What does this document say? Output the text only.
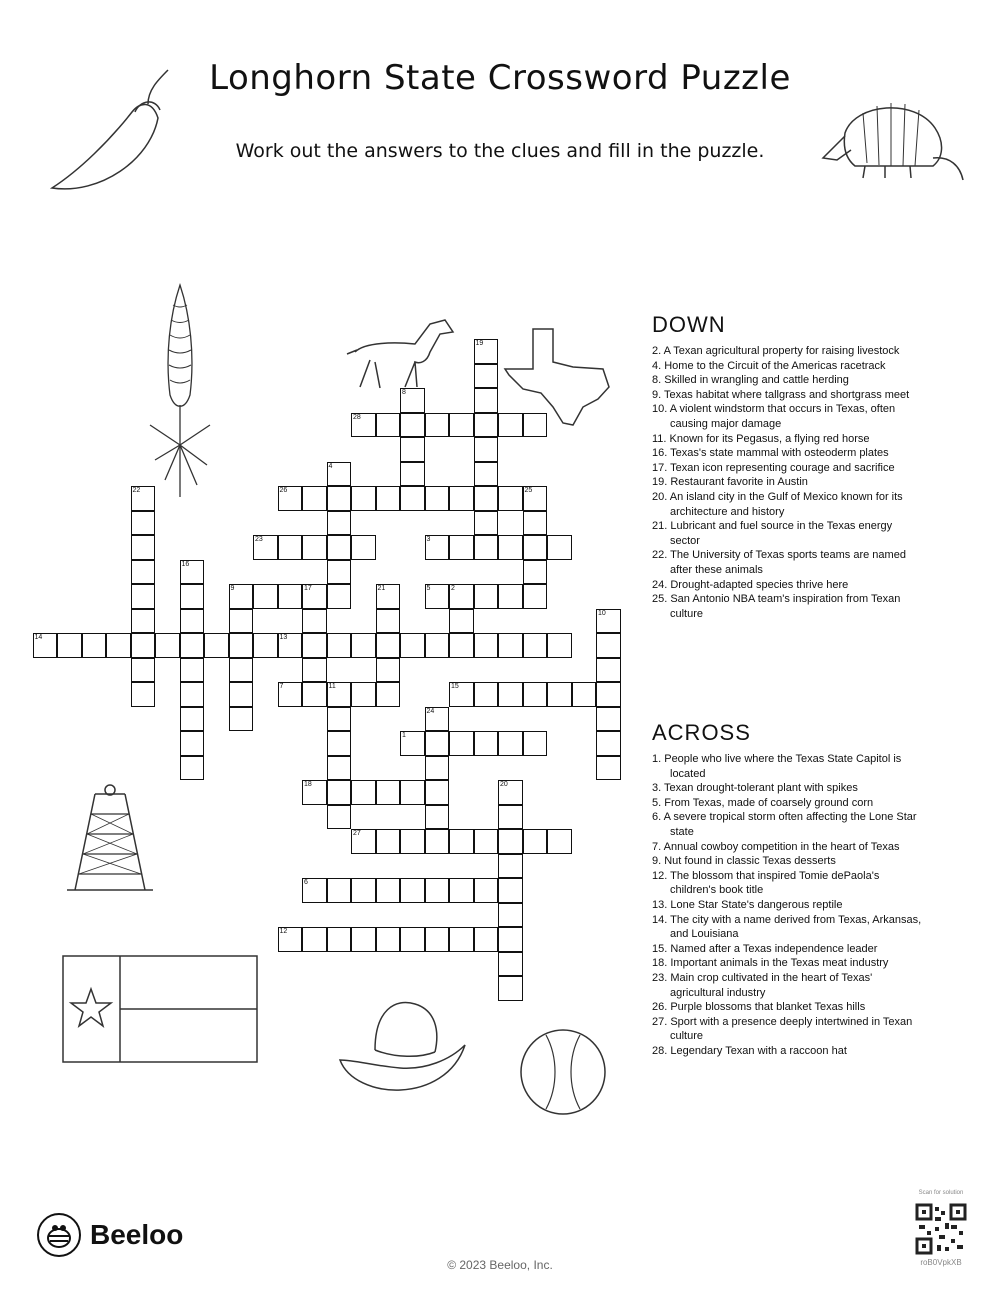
Longhorn State Crossword Puzzle
Work out the answers to the clues and fill in the puzzle.
14	13
26	25
28
23	3
9	17	5	2
7	11	15
1
18
27
6
12
19
8
4
22
16
21
10
24
20
DOWN
2. A Texan agricultural property for raising livestock
4. Home to the Circuit of the Americas racetrack
8. Skilled in wrangling and cattle herding
9. Texas habitat where tallgrass and shortgrass meet
10. A violent windstorm that occurs in Texas, often causing major damage
11. Known for its Pegasus, a flying red horse
16. Texas's state mammal with osteoderm plates
17. Texan icon representing courage and sacrifice
19. Restaurant favorite in Austin
20. An island city in the Gulf of Mexico known for its architecture and history
21. Lubricant and fuel source in the Texas energy sector
22. The University of Texas sports teams are named after these animals
24. Drought-adapted species thrive here
25. San Antonio NBA team's inspiration from Texan culture
ACROSS
1. People who live where the Texas State Capitol is located
3. Texan drought-tolerant plant with spikes
5. From Texas, made of coarsely ground corn
6. A severe tropical storm often affecting the Lone Star state
7. Annual cowboy competition in the heart of Texas
9. Nut found in classic Texas desserts
12. The blossom that inspired Tomie dePaola's children's book title
13. Lone Star State's dangerous reptile
14. The city with a name derived from Texas, Arkansas, and Louisiana
15. Named after a Texas independence leader
18. Important animals in the Texas meat industry
23. Main crop cultivated in the heart of Texas' agricultural industry
26. Purple blossoms that blanket Texas hills
27. Sport with a presence deeply intertwined in Texan culture
28. Legendary Texan with a raccoon hat
Beeloo
© 2023 Beeloo, Inc.
Scan for solution
roB0VpkXB
